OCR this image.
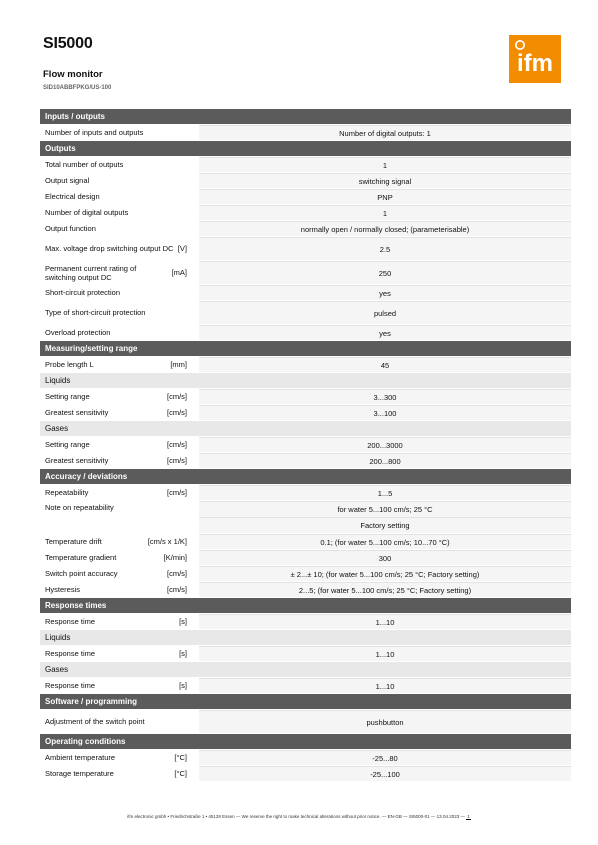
SI5000
Flow monitor
SID10ABBFPKG/US-100
ifm
Inputs / outputs
Number of inputs and outputs	Number of digital outputs: 1
Outputs
Total number of outputs	1
Output signal	switching signal
Electrical design	PNP
Number of digital outputs	1
Output function	normally open / normally closed; (parameterisable)
Max. voltage drop switching output DC [V]	2.5
Permanent current rating of switching output DC	[mA]	250
Short-circuit protection	yes
Type of short-circuit protection	pulsed
Overload protection	yes
Measuring/setting range
Probe length L	[mm]	45
Liquids
Setting range	[cm/s]	3...300
Greatest sensitivity	[cm/s]	3...100
Gases
Setting range	[cm/s]	200...3000
Greatest sensitivity	[cm/s]	200...800
Accuracy / deviations
Repeatability	[cm/s]	1...5
Note on repeatability	for water 5...100 cm/s; 25 °C
Factory setting
Temperature drift	[cm/s x 1/K]	0.1; (for water 5...100 cm/s; 10...70 °C)
Temperature gradient	[K/min]	300
Switch point accuracy	[cm/s]	± 2...± 10; (for water 5...100 cm/s; 25 °C; Factory setting)
Hysteresis	[cm/s]	2...5; (for water 5...100 cm/s; 25 °C; Factory setting)
Response times
Response time	[s]	1...10
Liquids
Response time	[s]	1...10
Gases
Response time	[s]	1...10
Software / programming
Adjustment of the switch point	pushbutton
Operating conditions
Ambient temperature	[°C]	-25...80
Storage temperature	[°C]	-25...100
ifm electronic gmbh • Friedrichstraße 1 • 45128 Essen — We reserve the right to make technical alterations without prior notice. — EN-GB — SI5000-01 — 13.04.2023 — 1
